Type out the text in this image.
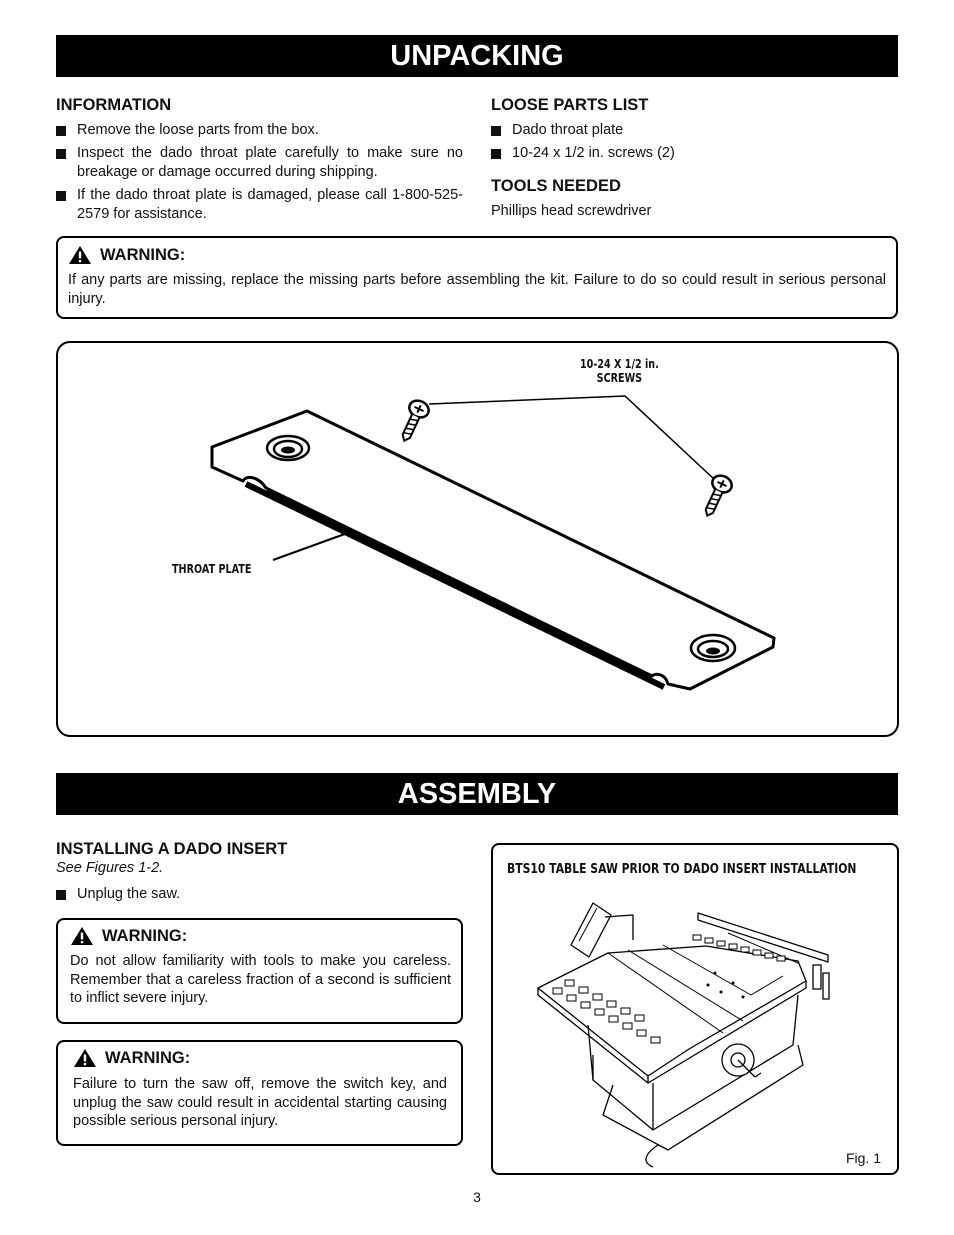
UNPACKING
INFORMATION
Remove the loose parts from the box.
Inspect the dado throat plate carefully to make sure no breakage or damage occurred during shipping.
If the dado throat plate is damaged, please call 1-800-525-2579 for assistance.
LOOSE PARTS LIST
Dado throat plate
10-24 x 1/2 in. screws (2)
TOOLS NEEDED
Phillips head screwdriver
WARNING:
If any parts are missing, replace the missing parts before assembling the kit. Failure to do so could result in serious personal injury.
10-24 X 1/2 in.
SCREWS
THROAT PLATE
ASSEMBLY
INSTALLING A DADO INSERT
See Figures 1-2.
Unplug the saw.
WARNING:
Do not allow familiarity with tools to make you careless. Remember that a careless fraction of a second is sufficient to inflict severe injury.
WARNING:
Failure to turn the saw off, remove the switch key, and unplug the saw could result in accidental starting causing possible serious personal injury.
BTS10 TABLE SAW PRIOR TO DADO INSERT INSTALLATION
Fig. 1
3
